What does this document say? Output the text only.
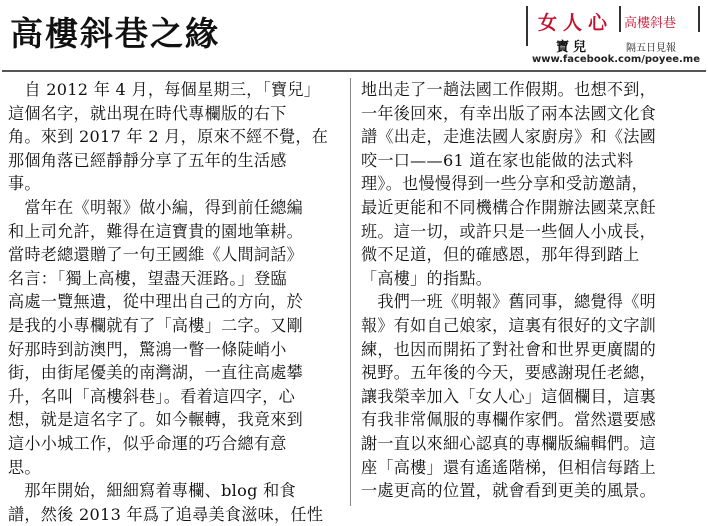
高樓斜巷之緣	女人心 高樓斜巷
寶兒	隔五日見報
www.facebook.com/poyee.me
　自 2012 年 4 月，每個星期三，「寶兒」
這個名字，就出現在時代專欄版的右下
角。來到 2017 年 2 月，原來不經不覺，在
那個角落已經靜靜分享了五年的生活感
事。
　當年在《明報》做小編，得到前任總編
和上司允許，難得在這寶貴的園地筆耕。
當時老總還贈了一句王國維《人間詞話》
名言：「獨上高樓，望盡天涯路。」登臨
高處一覽無遺，從中理出自己的方向，於
是我的小專欄就有了「高樓」二字。又剛
好那時到訪澳門，驚鴻一瞥一條陡峭小
街，由街尾優美的南灣湖，一直往高處攀
升，名叫「高樓斜巷」。看着這四字，心
想，就是這名字了。如今輾轉，我竟來到
這小小城工作，似乎命運的巧合總有意
思。
　那年開始，細細寫着專欄、blog 和食
譜，然後 2013 年爲了追尋美食滋味，任性
地出走了一趟法國工作假期。也想不到，
一年後回來，有幸出版了兩本法國文化食
譜《出走，走進法國人家廚房》和《法國
咬一口——61 道在家也能做的法式料
理》。也慢慢得到一些分享和受訪邀請，
最近更能和不同機構合作開辦法國菜烹飪
班。這一切，或許只是一些個人小成長，
微不足道，但的確感恩，那年得到踏上
「高樓」的指點。
　我們一班《明報》舊同事，總覺得《明
報》有如自己娘家，這裏有很好的文字訓
練，也因而開拓了對社會和世界更廣闊的
視野。五年後的今天，要感謝現任老總，
讓我榮幸加入「女人心」這個欄目，這裏
有我非常佩服的專欄作家們。當然還要感
謝一直以來細心認真的專欄版編輯們。這
座「高樓」還有遙遙階梯，但相信每踏上
一處更高的位置，就會看到更美的風景。
